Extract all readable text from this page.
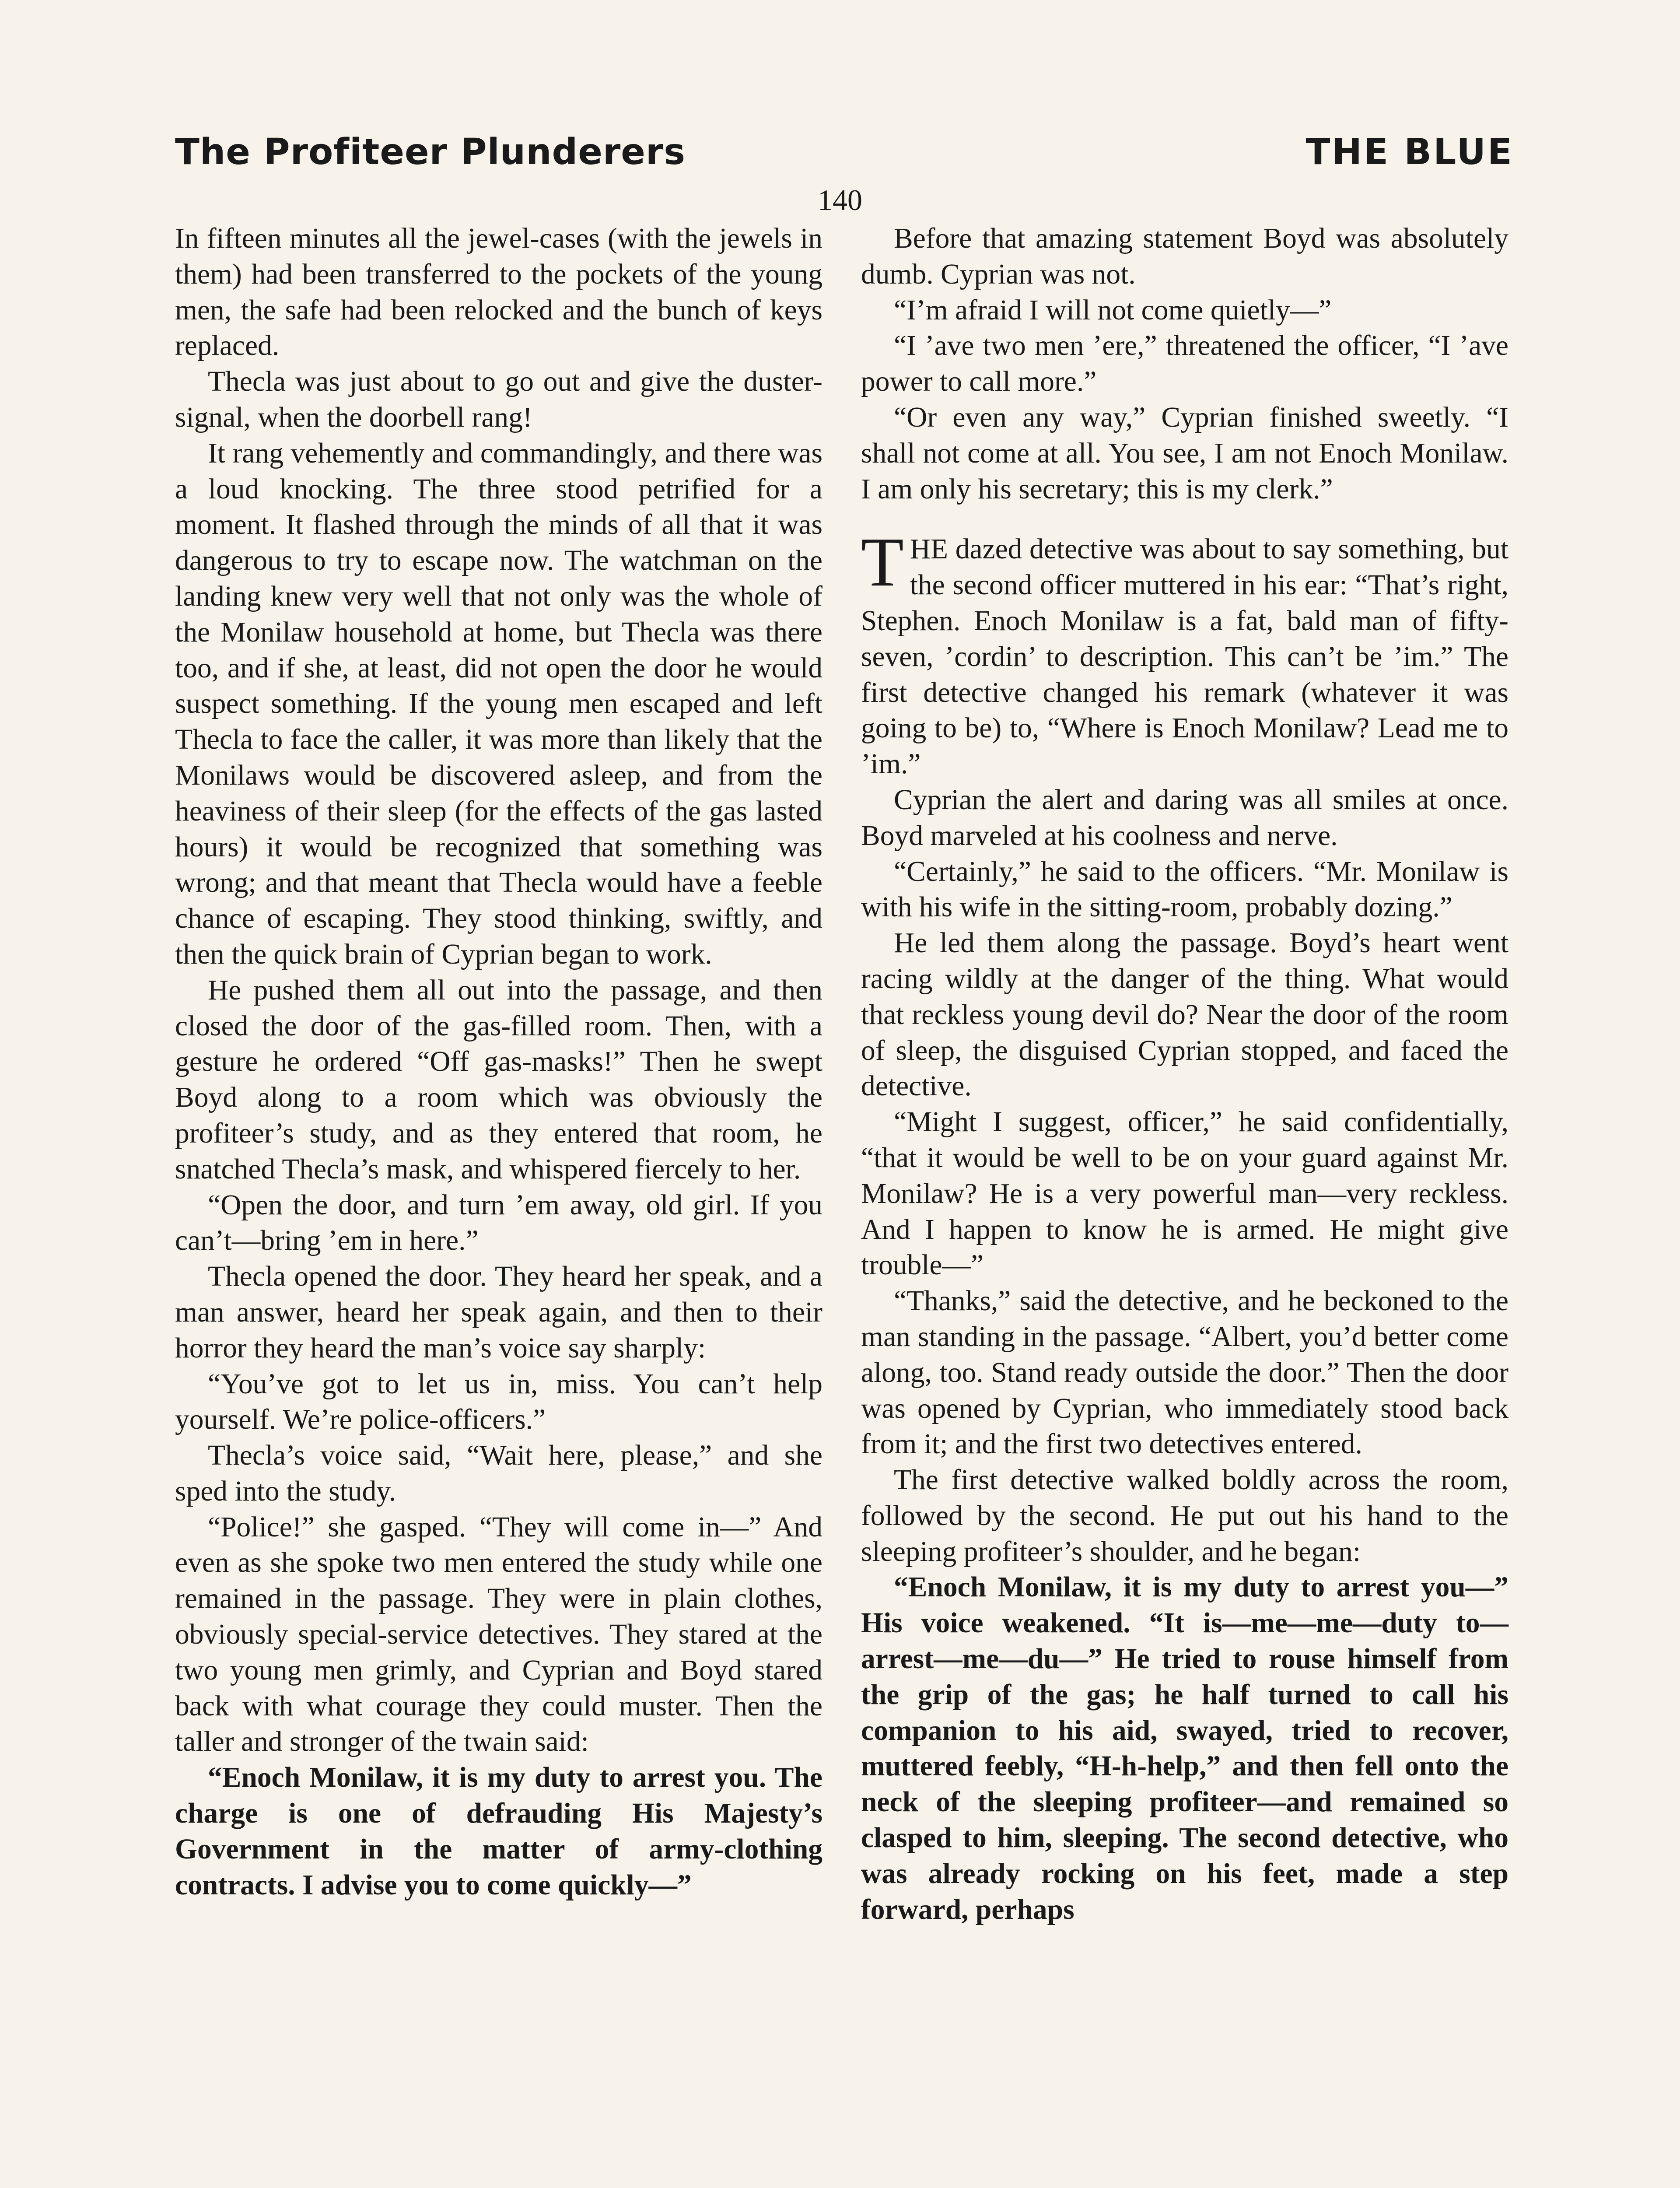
The Profiteer Plunderers	THE BLUE
140

In fifteen minutes all the jewel-cases (with the jewels in them) had been transferred to the pockets of the young men, the safe had been relocked and the bunch of keys replaced.

Thecla was just about to go out and give the duster-signal, when the doorbell rang!

It rang vehemently and commandingly, and there was a loud knocking. The three stood petrified for a moment. It flashed through the minds of all that it was dangerous to try to escape now. The watchman on the landing knew very well that not only was the whole of the Monilaw household at home, but Thecla was there too, and if she, at least, did not open the door he would suspect something. If the young men escaped and left Thecla to face the caller, it was more than likely that the Monilaws would be discovered asleep, and from the heaviness of their sleep (for the effects of the gas lasted hours) it would be recognized that something was wrong; and that meant that Thecla would have a feeble chance of escaping. They stood thinking, swiftly, and then the quick brain of Cyprian began to work.

He pushed them all out into the passage, and then closed the door of the gas-filled room. Then, with a gesture he ordered “Off gas-masks!” Then he swept Boyd along to a room which was obviously the profiteer’s study, and as they entered that room, he snatched Thecla’s mask, and whispered fiercely to her.

“Open the door, and turn ’em away, old girl. If you can’t—bring ’em in here.”

Thecla opened the door. They heard her speak, and a man answer, heard her speak again, and then to their horror they heard the man’s voice say sharply:

“You’ve got to let us in, miss. You can’t help yourself. We’re police-officers.”

Thecla’s voice said, “Wait here, please,” and she sped into the study.

“Police!” she gasped. “They will come in—” And even as she spoke two men entered the study while one remained in the passage. They were in plain clothes, obviously special-service detectives. They stared at the two young men grimly, and Cyprian and Boyd stared back with what courage they could muster. Then the taller and stronger of the twain said:

“Enoch Monilaw, it is my duty to arrest you. The charge is one of defrauding His Majesty’s Government in the matter of army-clothing contracts. I advise you to come quickly—”

Before that amazing statement Boyd was absolutely dumb. Cyprian was not.

“I’m afraid I will not come quietly—”

“I ’ave two men ’ere,” threatened the officer, “I ’ave power to call more.”

“Or even any way,” Cyprian finished sweetly. “I shall not come at all. You see, I am not Enoch Monilaw. I am only his secretary; this is my clerk.”

THE dazed detective was about to say something, but the second officer muttered in his ear: “That’s right, Stephen. Enoch Monilaw is a fat, bald man of fifty-seven, ’cordin’ to description. This can’t be ’im.” The first detective changed his remark (whatever it was going to be) to, “Where is Enoch Monilaw? Lead me to ’im.”

Cyprian the alert and daring was all smiles at once. Boyd marveled at his coolness and nerve.

“Certainly,” he said to the officers. “Mr. Monilaw is with his wife in the sitting-room, probably dozing.”

He led them along the passage. Boyd’s heart went racing wildly at the danger of the thing. What would that reckless young devil do? Near the door of the room of sleep, the disguised Cyprian stopped, and faced the detective.

“Might I suggest, officer,” he said confidentially, “that it would be well to be on your guard against Mr. Monilaw? He is a very powerful man—very reckless. And I happen to know he is armed. He might give trouble—”

“Thanks,” said the detective, and he beckoned to the man standing in the passage. “Albert, you’d better come along, too. Stand ready outside the door.” Then the door was opened by Cyprian, who immediately stood back from it; and the first two detectives entered.

The first detective walked boldly across the room, followed by the second. He put out his hand to the sleeping profiteer’s shoulder, and he began:

“Enoch Monilaw, it is my duty to arrest you—” His voice weakened. “It is—me—me—duty to—arrest—me—du—” He tried to rouse himself from the grip of the gas; he half turned to call his companion to his aid, swayed, tried to recover, muttered feebly, “H-h-help,” and then fell onto the neck of the sleeping profiteer—and remained so clasped to him, sleeping. The second detective, who was already rocking on his feet, made a step forward, perhaps
